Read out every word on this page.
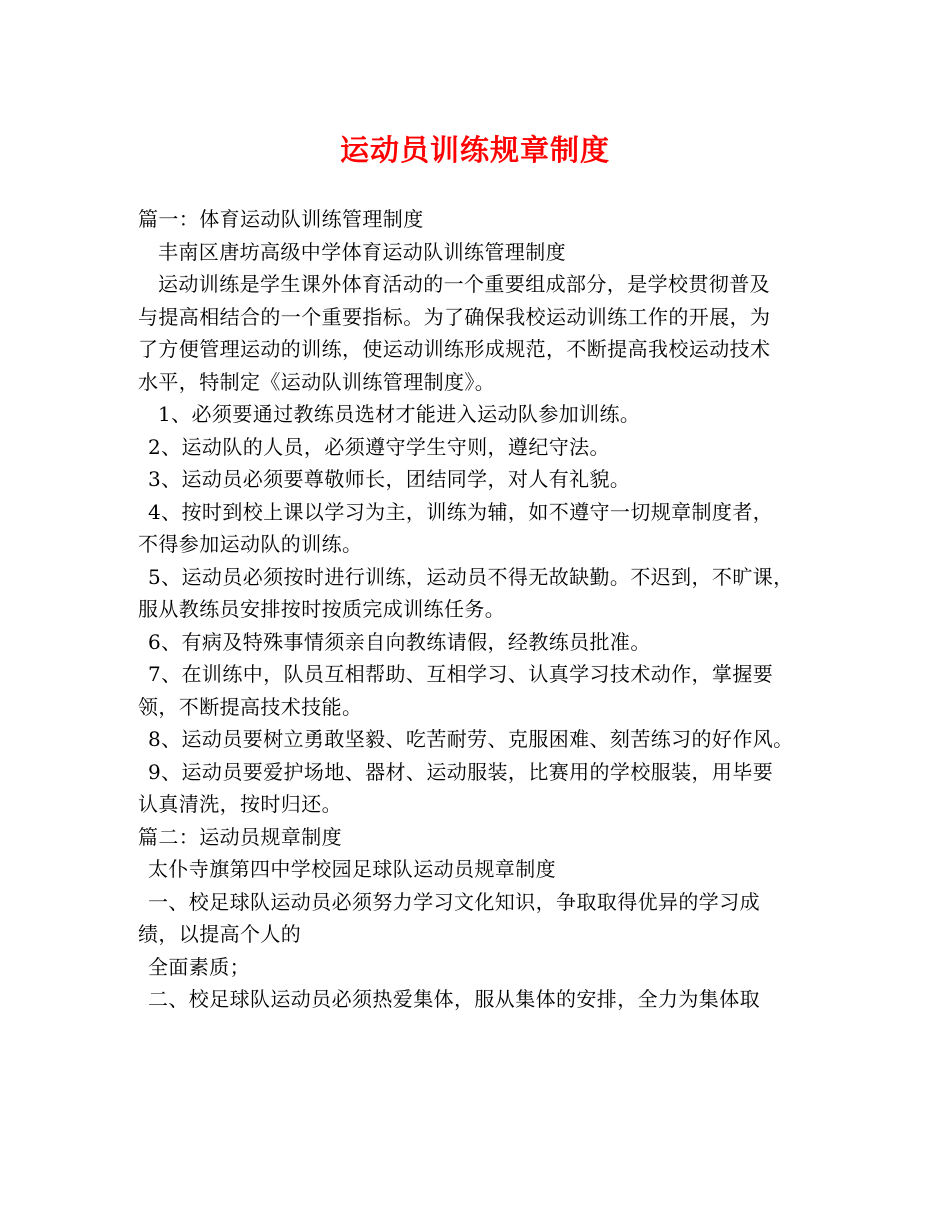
运动员训练规章制度
篇一：体育运动队训练管理制度
丰南区唐坊高级中学体育运动队训练管理制度
运动训练是学生课外体育活动的一个重要组成部分，是学校贯彻普及
与提高相结合的一个重要指标。为了确保我校运动训练工作的开展，为
了方便管理运动的训练，使运动训练形成规范，不断提高我校运动技术
水平，特制定《运动队训练管理制度》。
1、必须要通过教练员选材才能进入运动队参加训练。
2、运动队的人员，必须遵守学生守则，遵纪守法。
3、运动员必须要尊敬师长，团结同学，对人有礼貌。
4、按时到校上课以学习为主，训练为辅，如不遵守一切规章制度者，
不得参加运动队的训练。
5、运动员必须按时进行训练，运动员不得无故缺勤。不迟到，不旷课，
服从教练员安排按时按质完成训练任务。
6、有病及特殊事情须亲自向教练请假，经教练员批准。
7、在训练中，队员互相帮助、互相学习、认真学习技术动作，掌握要
领，不断提高技术技能。
8、运动员要树立勇敢坚毅、吃苦耐劳、克服困难、刻苦练习的好作风。
9、运动员要爱护场地、器材、运动服装，比赛用的学校服装，用毕要
认真清洗，按时归还。
篇二：运动员规章制度
太仆寺旗第四中学校园足球队运动员规章制度
一、校足球队运动员必须努力学习文化知识，争取取得优异的学习成
绩，以提高个人的
全面素质；
二、校足球队运动员必须热爱集体，服从集体的安排，全力为集体取
